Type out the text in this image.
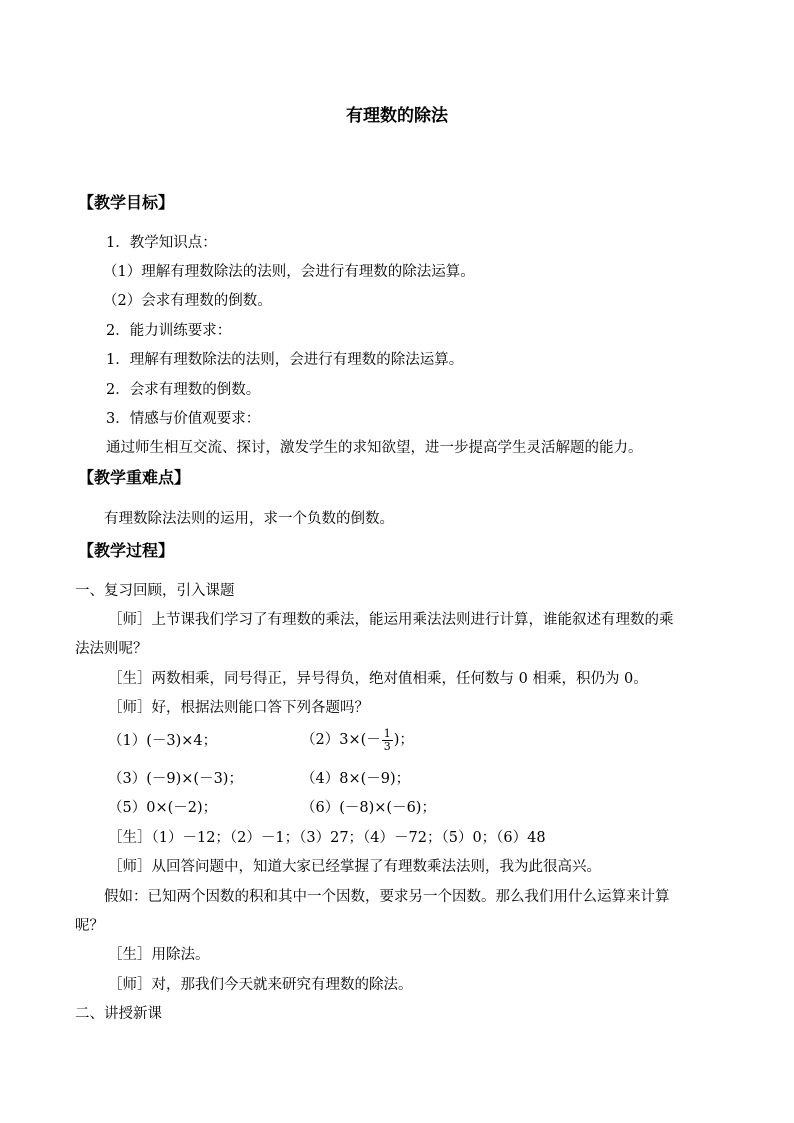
有理数的除法
【教学目标】
1．教学知识点：
（1）理解有理数除法的法则，会进行有理数的除法运算。
（2）会求有理数的倒数。
2．能力训练要求：
1．理解有理数除法的法则，会进行有理数的除法运算。
2．会求有理数的倒数。
3．情感与价值观要求：
通过师生相互交流、探讨，激发学生的求知欲望，进一步提高学生灵活解题的能力。
【教学重难点】
有理数除法法则的运用，求一个负数的倒数。
【教学过程】
一、复习回顾，引入课题
［师］上节课我们学习了有理数的乘法，能运用乘法法则进行计算，谁能叙述有理数的乘
法法则呢？
［生］两数相乘，同号得正，异号得负，绝对值相乘，任何数与 0 相乘，积仍为 0。
［师］好，根据法则能口答下列各题吗？
（1）(－3)×4；	$(2)3\times(- \frac{1}{3}$ )；
（3）(－9)×(－3)；	（4）8×(－9)；
（5）0×(－2)；	（6）(－8)×(－6)；
［生］（1）－12；（2）－1；（3）27；（4）－72；（5）0；（6）48
［师］从回答问题中，知道大家已经掌握了有理数乘法法则，我为此很高兴。
假如：已知两个因数的积和其中一个因数，要求另一个因数。那么我们用什么运算来计算
呢？
［生］用除法。
［师］对，那我们今天就来研究有理数的除法。
二、讲授新课
